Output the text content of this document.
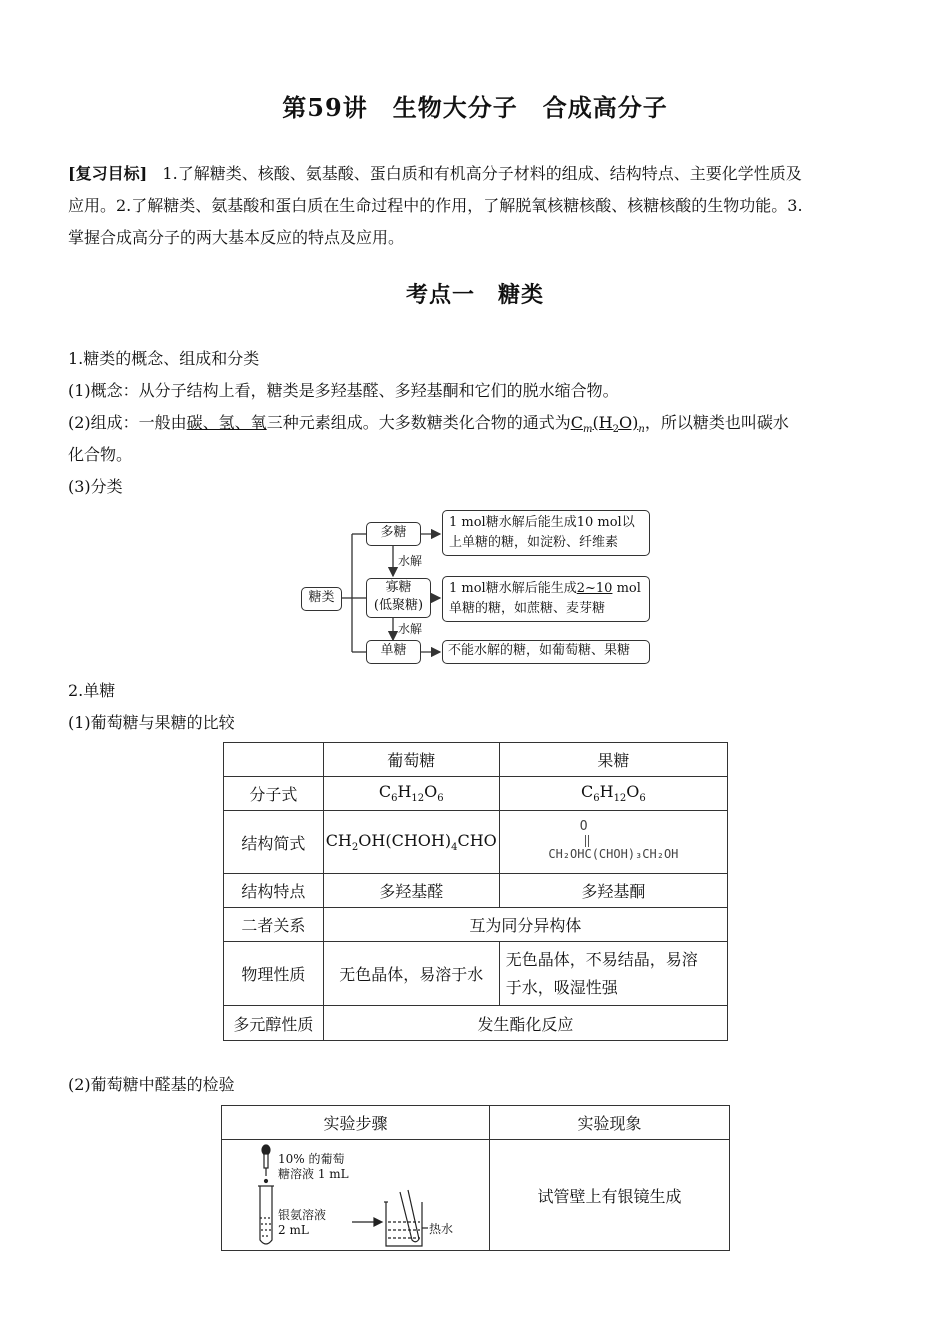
第59讲　生物大分子　合成高分子

[复习目标] 1.了解糖类、核酸、氨基酸、蛋白质和有机高分子材料的组成、结构特点、主要化学性质及

应用。2.了解糖类、氨基酸和蛋白质在生命过程中的作用，了解脱氧核糖核酸、核糖核酸的生物功能。3.

掌握合成高分子的两大基本反应的特点及应用。

考点一　糖类
1.糖类的概念、组成和分类
(1)概念：从分子结构上看，糖类是多羟基醛、多羟基酮和它们的脱水缩合物。
(2)组成：一般由碳、氢、氧三种元素组成。大多数糖类化合物的通式为$C_m(H_2O)_n$，所以糖类也叫碳水
化合物。
(3)分类
糖类
多糖
水解
寡糖
(低聚糖)
水解
单糖
1 mol糖水解后能生成10 mol以
上单糖的糖，如淀粉、纤维素
1 mol糖水解后能生成2~10 mol
单糖的糖，如蔗糖、麦芽糖
不能水解的糖，如葡萄糖、果糖
2.单糖
(1)葡萄糖与果糖的比较
	葡萄糖	果糖
分子式	$C_6H_{12}O_6$	$C_6H_{12}O_6$
结构简式	$CH_2OH(CHOH)_4CHO$	O
CH₂OHC(CHOH)₃CH₂OH

结构特点	多羟基醛	多羟基酮
二者关系	互为同分异构体	
物理性质	无色晶体，易溶于水	无色晶体，不易结晶，易溶
于水，吸湿性强

多元醇性质	发生酯化反应	
(2)葡萄糖中醛基的检验
实验步骤	实验现象

10% 的葡萄
糖溶液 1 mL
银氨溶液
2 mL 热水	试管壁上有银镜生成
